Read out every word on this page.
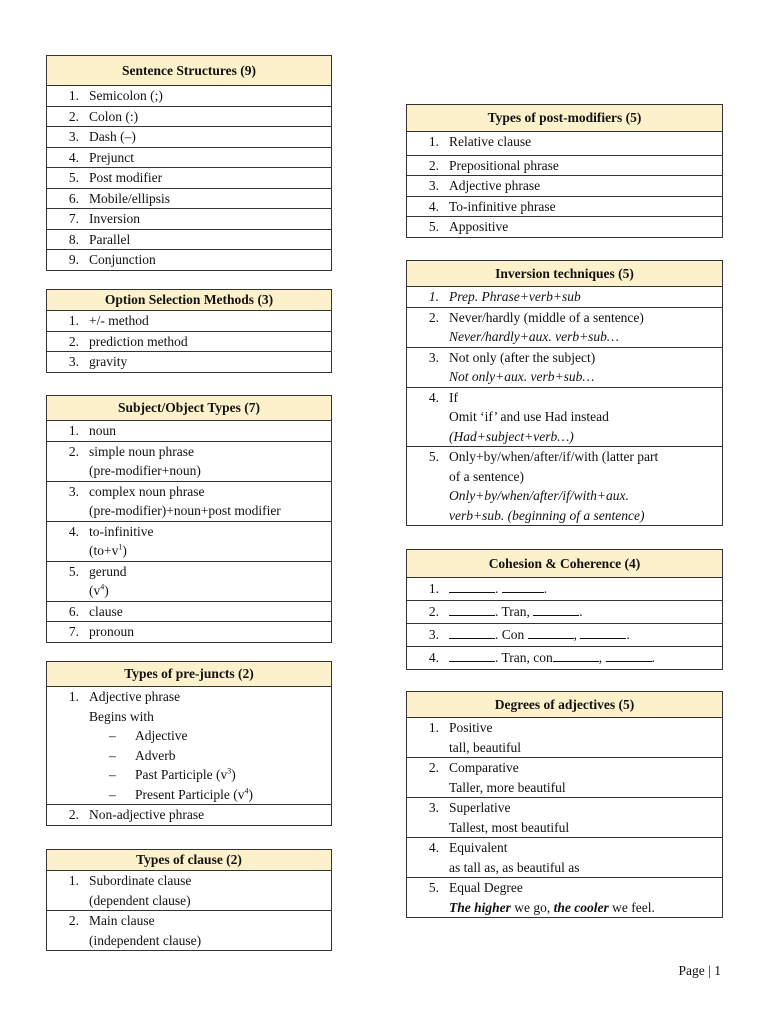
Sentence Structures (9)
1. Semicolon (;)
2. Colon (:)
3. Dash (–)
4. Prejunct
5. Post modifier
6. Mobile/ellipsis
7. Inversion
8. Parallel
9. Conjunction
Option Selection Methods (3)
1. +/- method
2. prediction method
3. gravity
Subject/Object Types (7)
1. noun
2. simple noun phrase
(pre-modifier+noun)
3. complex noun phrase
(pre-modifier)+noun+post modifier
4. to-infinitive
$(to+v^1)$
5. gerund
$(v^4)$
6. clause
7. pronoun
Types of pre-juncts (2)
1. Adjective phrase
Begins with
– Adjective
– Adverb
– Past Participle $(v^3)$
– Present Participle $(v^4)$
2. Non-adjective phrase
Types of clause (2)
1. Subordinate clause
(dependent clause)
2. Main clause
(independent clause)
Types of post-modifiers (5)
1. Relative clause
2. Prepositional phrase
3. Adjective phrase
4. To-infinitive phrase
5. Appositive
Inversion techniques (5)
1. Prep. Phrase+verb+sub
2. Never/hardly (middle of a sentence)
Never/hardly+aux. verb+sub…
3. Not only (after the subject)
Not only+aux. verb+sub…
4. If
Omit ‘if’ and use Had instead
(Had+subject+verb…)
5. Only+by/when/after/if/with (latter part
of a sentence)
Only+by/when/after/if/with+aux.
verb+sub. (beginning of a sentence)
Cohesion & Coherence (4)
1.	.	.
2.	. Tran,	.
3.	. Con	,	.
4.	. Tran, con	,	.
Degrees of adjectives (5)
1. Positive
tall, beautiful
2. Comparative
Taller, more beautiful
3. Superlative
Tallest, most beautiful
4. Equivalent
as tall as, as beautiful as
5. Equal Degree
The higher we go, the cooler we feel.
Page | 1
